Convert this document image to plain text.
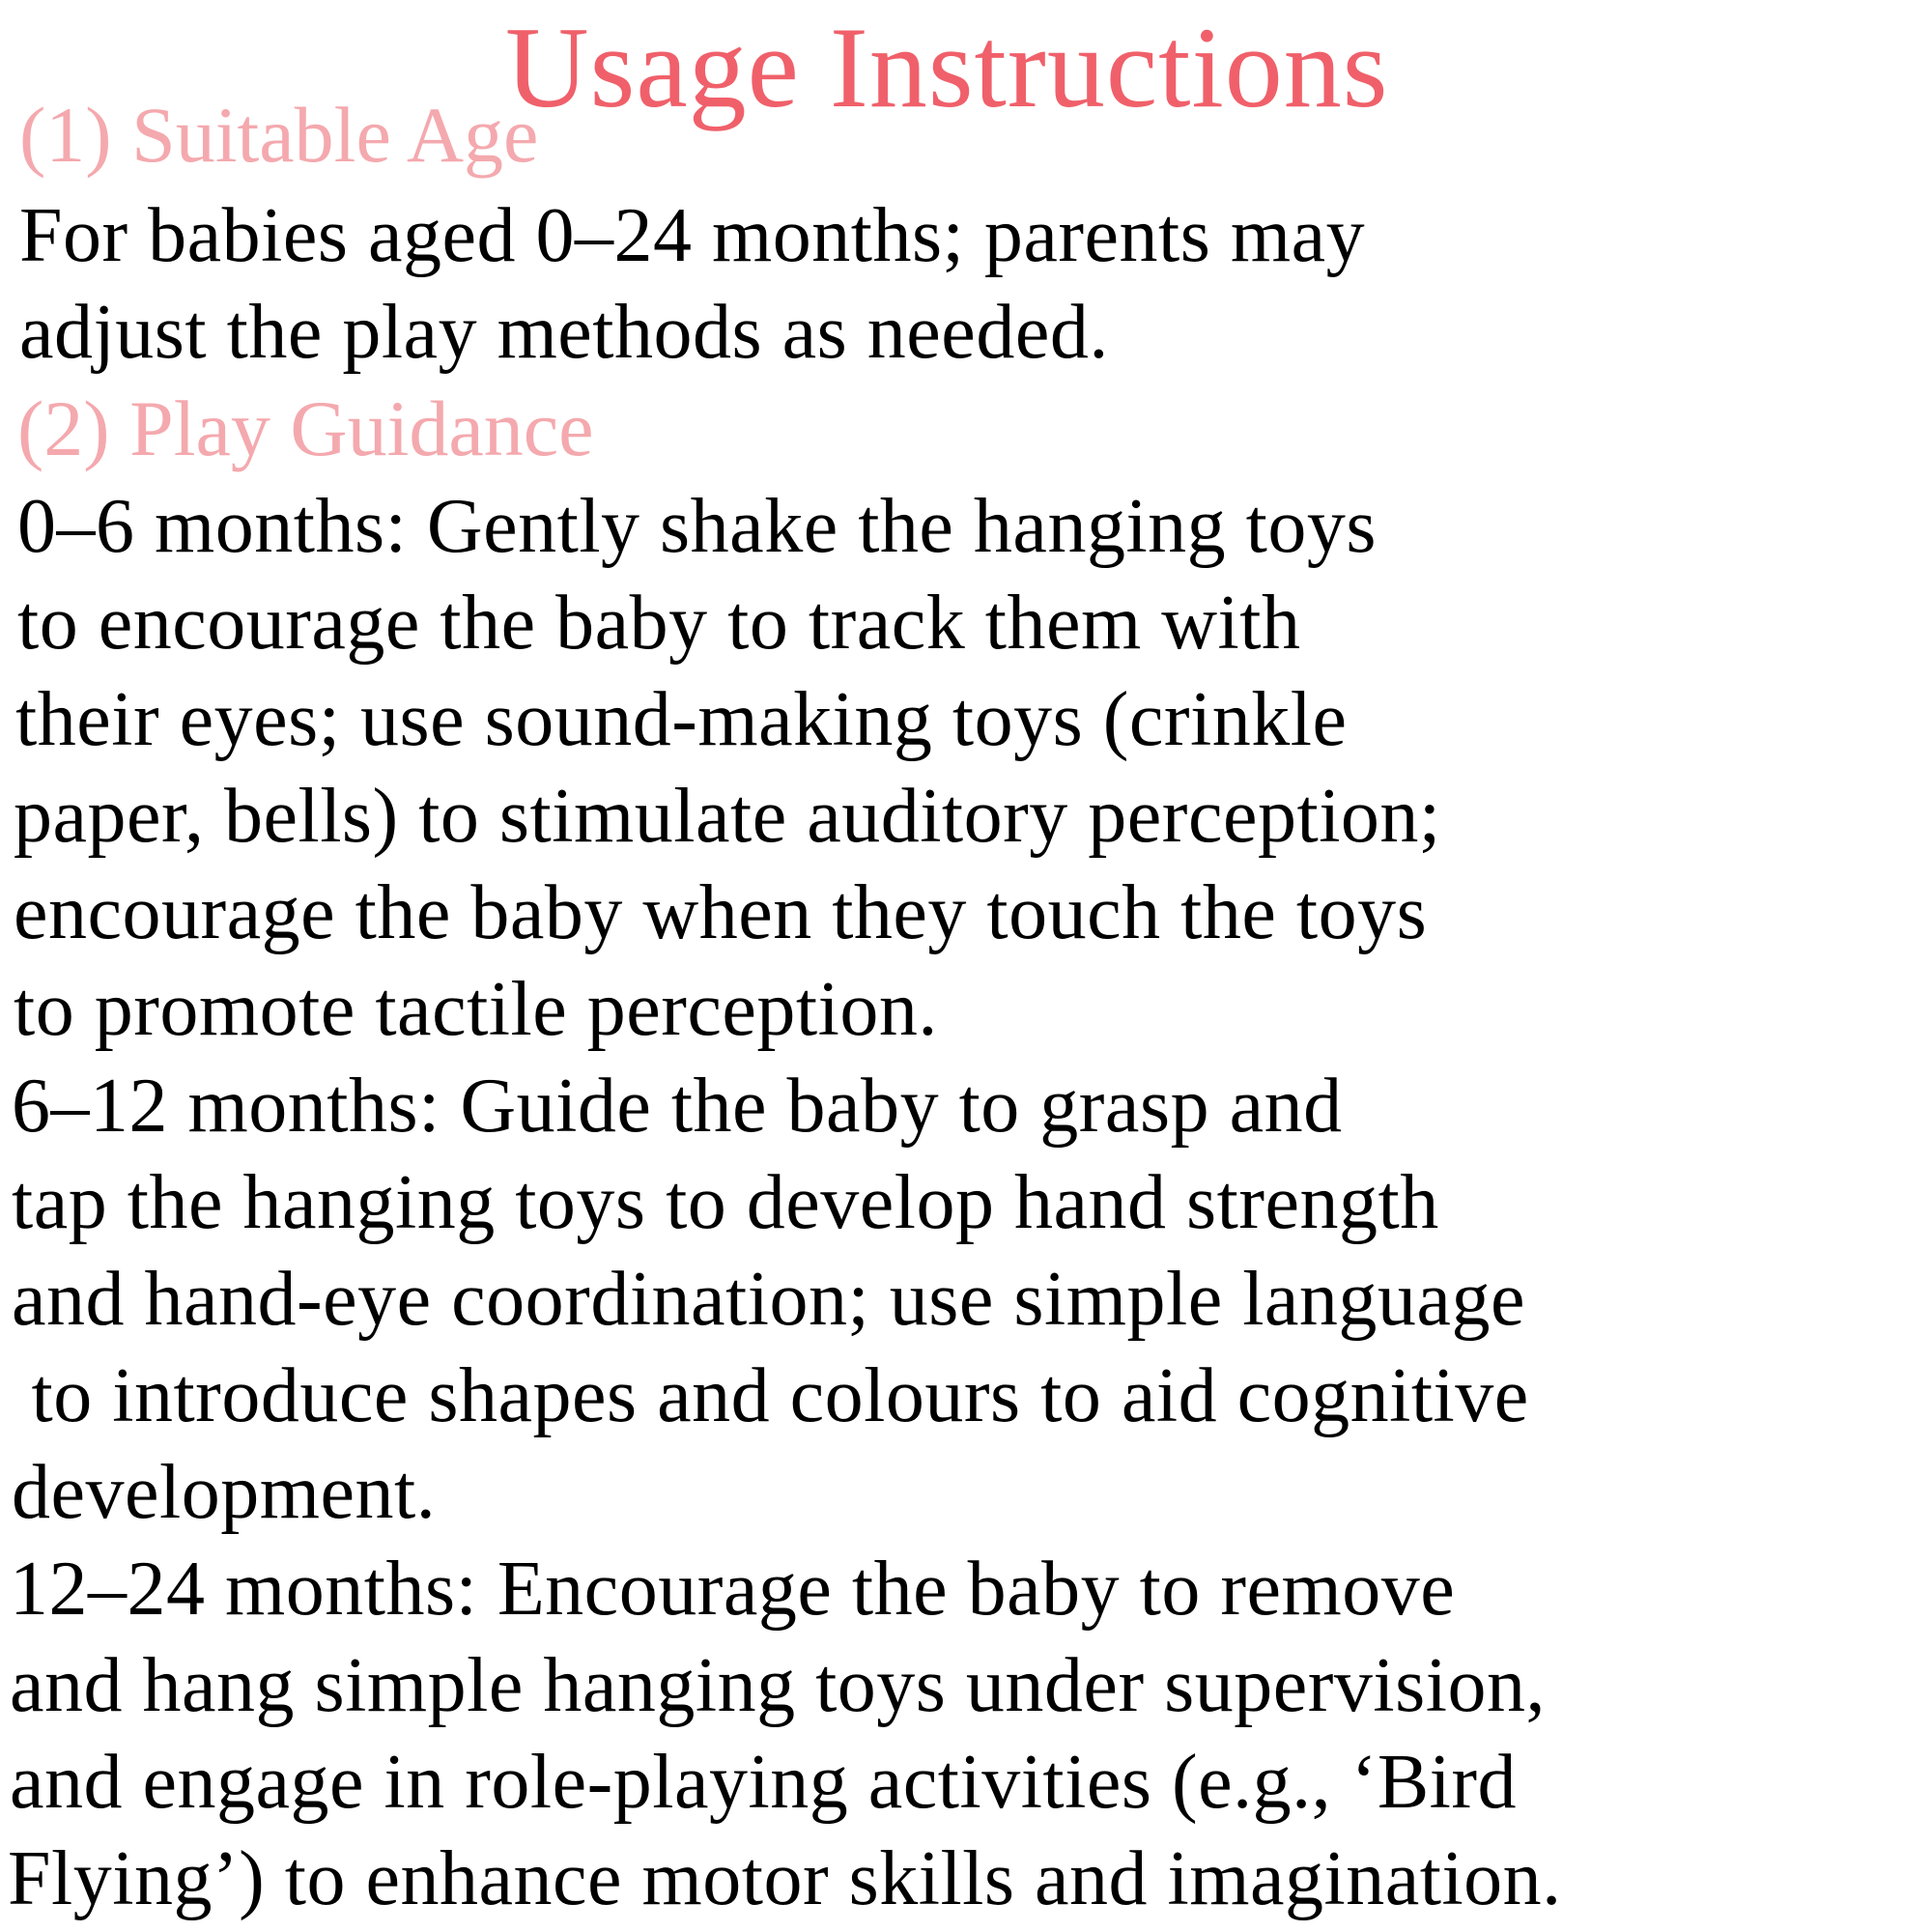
Usage Instructions
(1) Suitable Age
For babies aged 0–24 months; parents may
adjust the play methods as needed.
(2) Play Guidance
0–6 months: Gently shake the hanging toys
to encourage the baby to track them with
their eyes; use sound-making toys (crinkle
paper, bells) to stimulate auditory perception;
encourage the baby when they touch the toys
to promote tactile perception.
6–12 months: Guide the baby to grasp and
tap the hanging toys to develop hand strength
and hand-eye coordination; use simple language
to introduce shapes and colours to aid cognitive
development.
12–24 months: Encourage the baby to remove
and hang simple hanging toys under supervision,
and engage in role-playing activities (e.g., ‘Bird
Flying’) to enhance motor skills and imagination.
